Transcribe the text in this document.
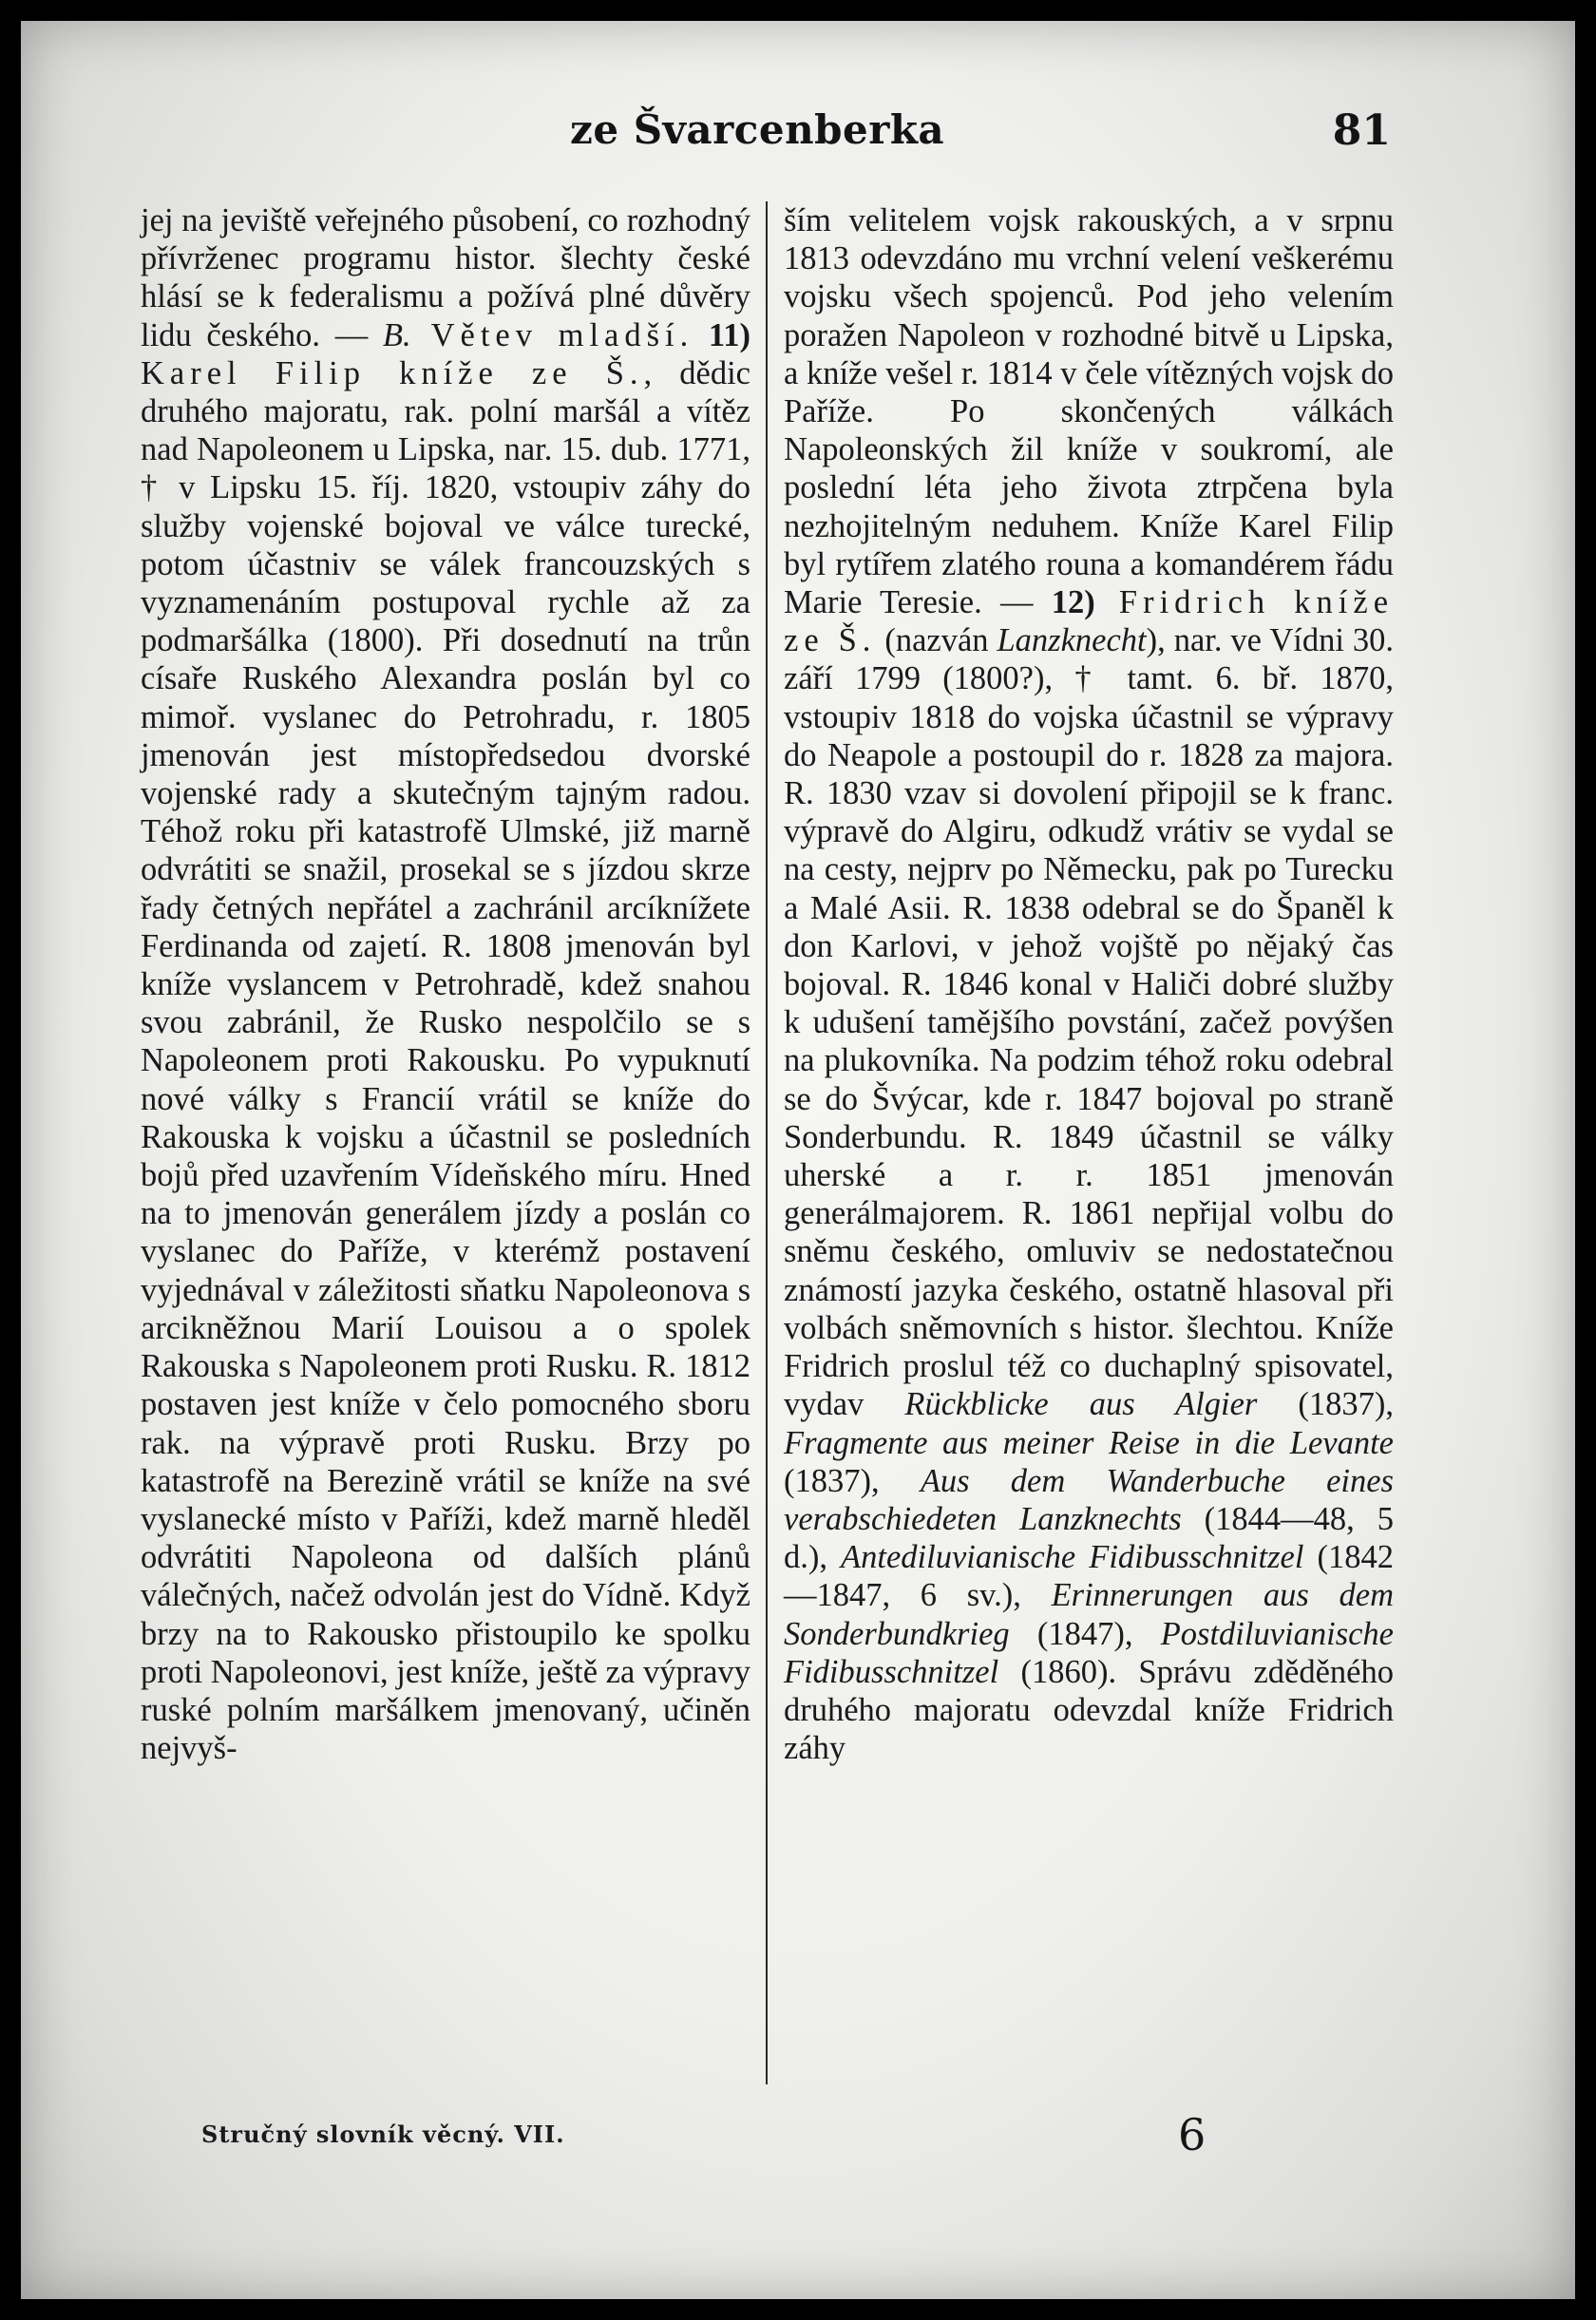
ze Švarcenberka	81

jej na jeviště veřejného působení, co rozhodný přívrženec programu histor. šlechty české hlásí se k federalismu a požívá plné důvěry lidu českého. — B. Větev mladší. 11) Karel Filip kníže ze Š., dědic druhého majoratu, rak. polní maršál a vítěz nad Napoleonem u Lipska, nar. 15. dub. 1771, † v Lipsku 15. říj. 1820, vstoupiv záhy do služby vojenské bojoval ve válce turecké, potom účastniv se válek francouzských s vyznamenáním postupoval rychle až za podmaršálka (1800). Při dosednutí na trůn císaře Ruského Alexandra poslán byl co mimoř. vyslanec do Petrohradu, r. 1805 jmenován jest místopředsedou dvorské vojenské rady a skutečným tajným radou. Téhož roku při katastrofě Ulmské, již marně odvrátiti se snažil, prosekal se s jízdou skrze řady četných nepřátel a zachránil arcíknížete Ferdinanda od zajetí. R. 1808 jmenován byl kníže vyslancem v Petrohradě, kdež snahou svou zabránil, že Rusko nespolčilo se s Napoleonem proti Rakousku. Po vypuknutí nové války s Francií vrátil se kníže do Rakouska k vojsku a účastnil se posledních bojů před uzavřením Vídeňského míru. Hned na to jmenován generálem jízdy a poslán co vyslanec do Paříže, v kterémž postavení vyjednával v záležitosti sňatku Napoleonova s arcikněžnou Marií Louisou a o spolek Rakouska s Napoleonem proti Rusku. R. 1812 postaven jest kníže v čelo pomocného sboru rak. na výpravě proti Rusku. Brzy po katastrofě na Berezině vrátil se kníže na své vyslanecké místo v Paříži, kdež marně hleděl odvrátiti Napoleona od dalších plánů válečných, načež odvolán jest do Vídně. Když brzy na to Rakousko přistoupilo ke spolku proti Napoleonovi, jest kníže, ještě za výpravy ruské polním maršálkem jmenovaný, učiněn nejvyš-

ším velitelem vojsk rakouských, a v srpnu 1813 odevzdáno mu vrchní velení veškerému vojsku všech spojenců. Pod jeho velením poražen Napoleon v rozhodné bitvě u Lipska, a kníže vešel r. 1814 v čele vítězných vojsk do Paříže. Po skončených válkách Napoleonských žil kníže v soukromí, ale poslední léta jeho života ztrpčena byla nezhojitelným neduhem. Kníže Karel Filip byl rytířem zlatého rouna a komandérem řádu Marie Teresie. — 12) Fridrich kníže ze Š. (nazván Lanzknecht), nar. ve Vídni 30. září 1799 (1800?), † tamt. 6. bř. 1870, vstoupiv 1818 do vojska účastnil se výpravy do Neapole a postoupil do r. 1828 za majora. R. 1830 vzav si dovolení připojil se k franc. výpravě do Algiru, odkudž vrátiv se vydal se na cesty, nejprv po Německu, pak po Turecku a Malé Asii. R. 1838 odebral se do Španěl k don Karlovi, v jehož vojště po nějaký čas bojoval. R. 1846 konal v Haliči dobré služby k udušení tamějšího povstání, začež povýšen na plukovníka. Na podzim téhož roku odebral se do Švýcar, kde r. 1847 bojoval po straně Sonderbundu. R. 1849 účastnil se války uherské a r. r. 1851 jmenován generálmajorem. R. 1861 nepřijal volbu do sněmu českého, omluviv se nedostatečnou známostí jazyka českého, ostatně hlasoval při volbách sněmovních s histor. šlechtou. Kníže Fridrich proslul též co duchaplný spisovatel, vydav Rückblicke aus Algier (1837), Fragmente aus meiner Reise in die Levante (1837), Aus dem Wanderbuche eines verabschiedeten Lanzknechts (1844—48, 5 d.), Antediluvianische Fidibusschnitzel (1842—1847, 6 sv.), Erinnerungen aus dem Sonderbundkrieg (1847), Postdiluvianische Fidibusschnitzel (1860). Správu zděděného druhého majoratu odevzdal kníže Fridrich záhy

Stručný slovník věcný. VII.	6
